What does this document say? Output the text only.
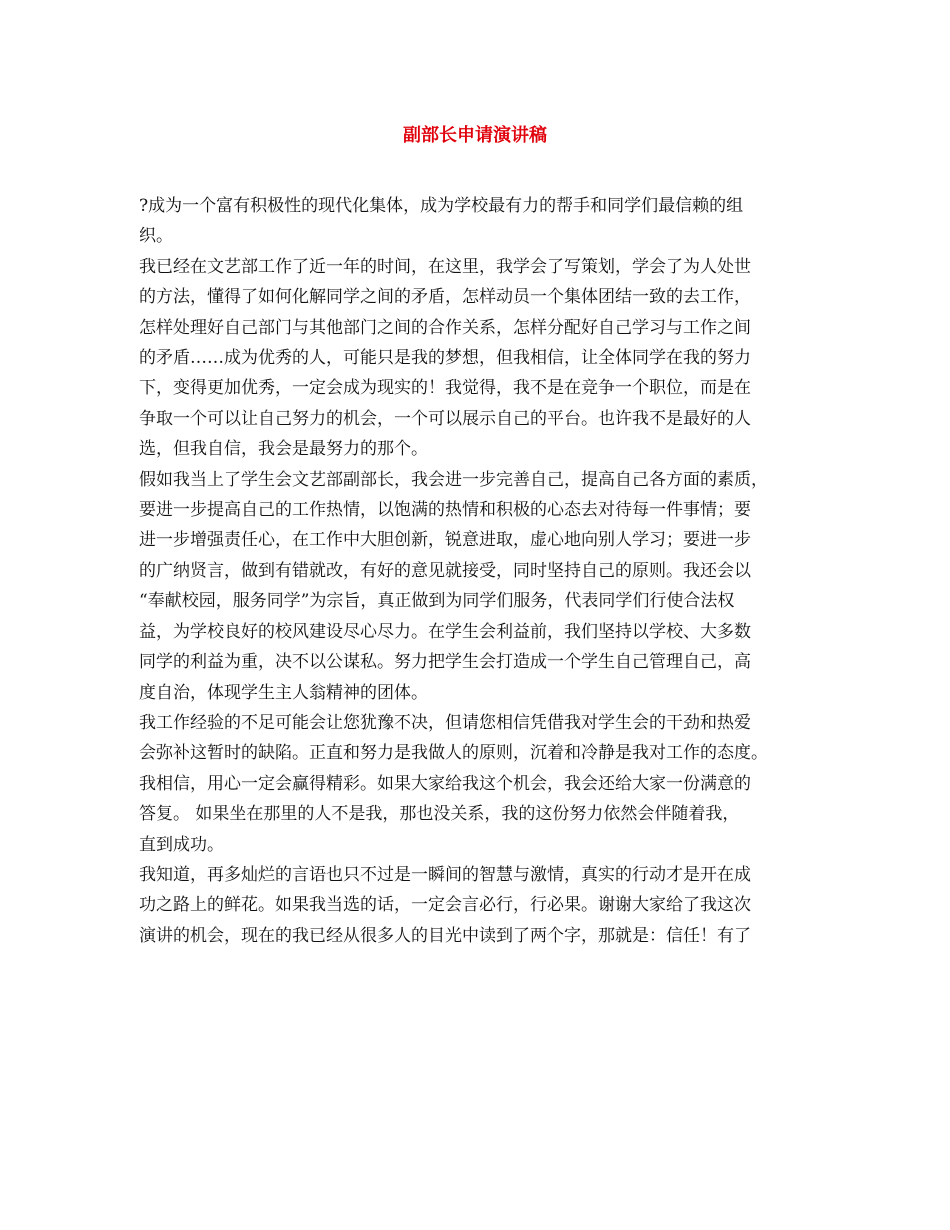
副部长申请演讲稿
?成为一个富有积极性的现代化集体，成为学校最有力的帮手和同学们最信赖的组
织。
我已经在文艺部工作了近一年的时间，在这里，我学会了写策划，学会了为人处世
的方法，懂得了如何化解同学之间的矛盾，怎样动员一个集体团结一致的去工作，
怎样处理好自己部门与其他部门之间的合作关系，怎样分配好自己学习与工作之间
的矛盾……成为优秀的人，可能只是我的梦想，但我相信，让全体同学在我的努力
下，变得更加优秀，一定会成为现实的！我觉得，我不是在竞争一个职位，而是在
争取一个可以让自己努力的机会，一个可以展示自己的平台。也许我不是最好的人
选，但我自信，我会是最努力的那个。
假如我当上了学生会文艺部副部长，我会进一步完善自己，提高自己各方面的素质，
要进一步提高自己的工作热情，以饱满的热情和积极的心态去对待每一件事情；要
进一步增强责任心，在工作中大胆创新，锐意进取，虚心地向别人学习；要进一步
的广纳贤言，做到有错就改，有好的意见就接受，同时坚持自己的原则。我还会以
“奉献校园，服务同学”为宗旨，真正做到为同学们服务，代表同学们行使合法权
益，为学校良好的校风建设尽心尽力。在学生会利益前，我们坚持以学校、大多数
同学的利益为重，决不以公谋私。努力把学生会打造成一个学生自己管理自己，高
度自治，体现学生主人翁精神的团体。
我工作经验的不足可能会让您犹豫不决，但请您相信凭借我对学生会的干劲和热爱
会弥补这暂时的缺陷。正直和努力是我做人的原则，沉着和冷静是我对工作的态度。
我相信，用心一定会赢得精彩。如果大家给我这个机会，我会还给大家一份满意的
答复。 如果坐在那里的人不是我，那也没关系，我的这份努力依然会伴随着我，
直到成功。
我知道，再多灿烂的言语也只不过是一瞬间的智慧与激情，真实的行动才是开在成
功之路上的鲜花。如果我当选的话，一定会言必行，行必果。谢谢大家给了我这次
演讲的机会，现在的我已经从很多人的目光中读到了两个字，那就是：信任！有了
